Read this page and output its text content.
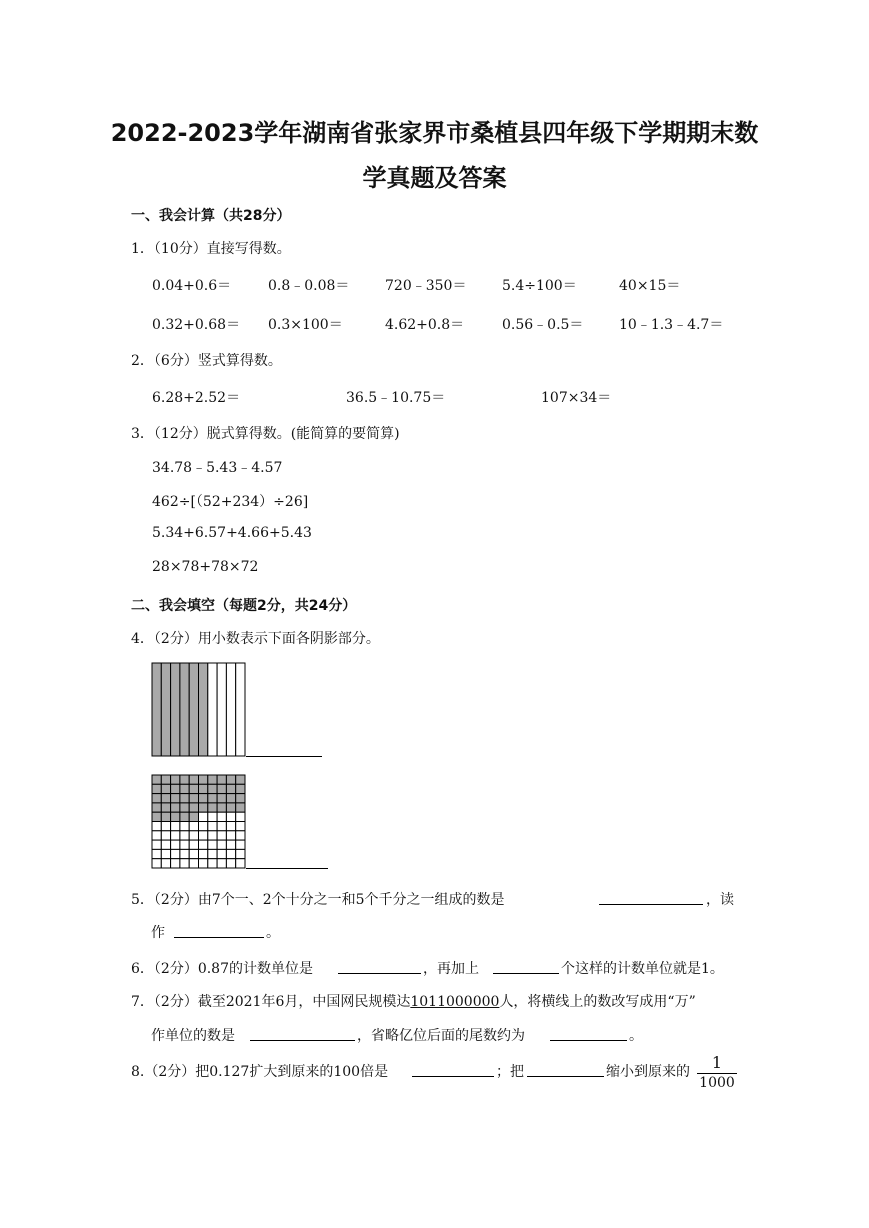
2022-2023学年湖南省张家界市桑植县四年级下学期期末数
学真题及答案
一、我会计算（共28分）
1．（10分）直接写得数。
0.04+0.6＝	0.8﹣0.08＝	720﹣350＝	5.4÷100＝	40×15＝
0.32+0.68＝ 0.3×100＝	4.62+0.8＝	0.56﹣0.5＝	10﹣1.3﹣4.7＝
2．（6分）竖式算得数。
6.28+2.52＝	36.5﹣10.75＝	107×34＝
3．（12分）脱式算得数。(能简算的要简算)
34.78﹣5.43﹣4.57
462÷[（52+234）÷26]
5.34+6.57+4.66+5.43
28×78+78×72
二、我会填空（每题2分，共24分）
4．（2分）用小数表示下面各阴影部分。
5．（2分）由7个一、2个十分之一和5个千分之一组成的数是	，读
作	。
6．（2分）0.87的计数单位是	，再加上	个这样的计数单位就是1。
7．（2分）截至2021年6月，中国网民规模达1011000000人，将横线上的数改写成用“万”
作单位的数是	，省略亿位后面的尾数约为	。
8.（2分）把0.127扩大到原来的100倍是	；把	缩小到原来的 $\frac{1}{1000}$
